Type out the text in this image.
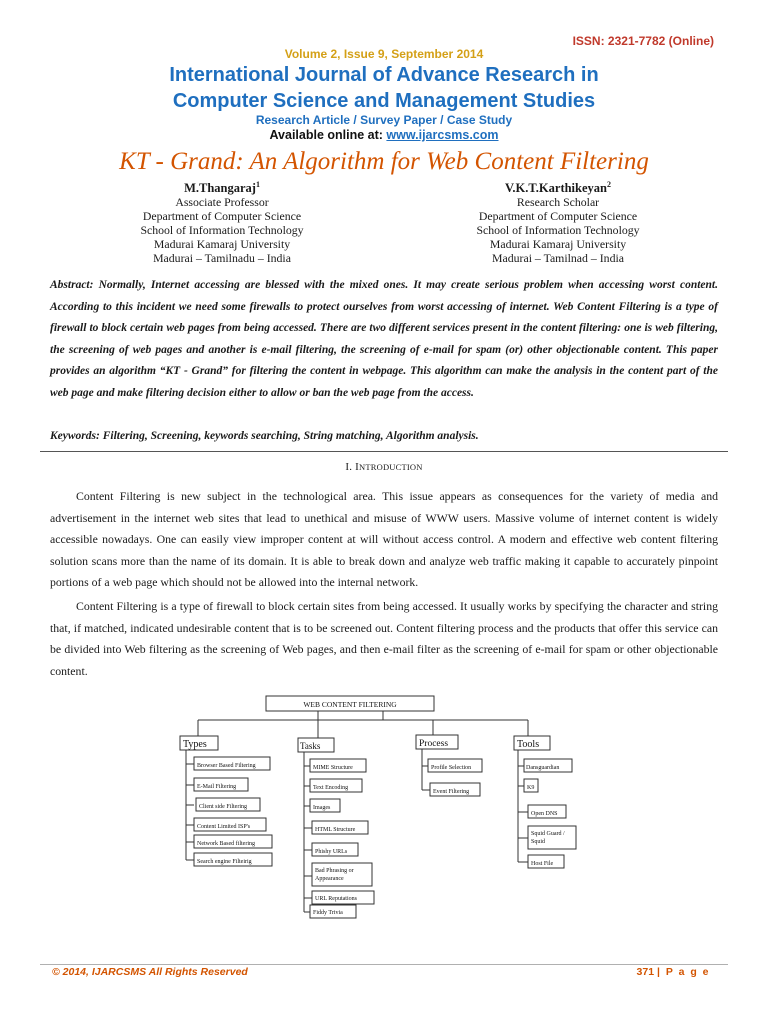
ISSN: 2321-7782 (Online)
Volume 2, Issue 9, September 2014
International Journal of Advance Research in
Computer Science and Management Studies
Research Article / Survey Paper / Case Study
Available online at: www.ijarcsms.com
KT - Grand: An Algorithm for Web Content Filtering
M.Thangaraj$^1$
Associate Professor
Department of Computer Science
School of Information Technology
Madurai Kamaraj University
Madurai – Tamilnadu – India
V.K.T.Karthikeyan$^2$
Research Scholar
Department of Computer Science
School of Information Technology
Madurai Kamaraj University
Madurai – Tamilnad – India
Abstract: Normally, Internet accessing are blessed with the mixed ones. It may create serious problem when accessing worst content. According to this incident we need some firewalls to protect ourselves from worst accessing of internet. Web Content Filtering is a type of firewall to block certain web pages from being accessed. There are two different services present in the content filtering: one is web filtering, the screening of web pages and another is e-mail filtering, the screening of e-mail for spam (or) other objectionable content. This paper provides an algorithm “KT - Grand” for filtering the content in webpage. This algorithm can make the analysis in the content part of the web page and make filtering decision either to allow or ban the web page from the access.
Keywords: Filtering, Screening, keywords searching, String matching, Algorithm analysis.
I. INTRODUCTION
Content Filtering is new subject in the technological area. This issue appears as consequences for the variety of media and advertisement in the internet web sites that lead to unethical and misuse of WWW users. Massive volume of internet content is widely accessible nowadays. One can easily view improper content at will without access control. A modern and effective web content filtering solution scans more than the name of its domain. It is able to break down and analyze web traffic making it capable to accurately pinpoint portions of a web page which should not be allowed into the internal network.
Content Filtering is a type of firewall to block certain sites from being accessed. It usually works by specifying the character and string that, if matched, indicated undesirable content that is to be screened out. Content filtering process and the products that offer this service can be divided into Web filtering as the screening of Web pages, and then e-mail filter as the screening of e-mail for spam or other objectionable content.
WEB CONTENT FILTERING
Types	Tasks	Process	Tools
Browser Based Filtering
E-Mail Filtering
Client side Filtering
Content Limited ISP's
Network Based filtering
Search engine Filteirig
MIME Structure
Text Encoding
Images
HTML Structure
Phishy URLs
Bad Phrasing or Appearance
URL Reputations
Fiddy Trivia
Profile Selection
Event Filtering
Dansguardian
K9
Open DNS
Squid Guard / Squid
Host File
© 2014, IJARCSMS All Rights Reserved	371 | P a g e
